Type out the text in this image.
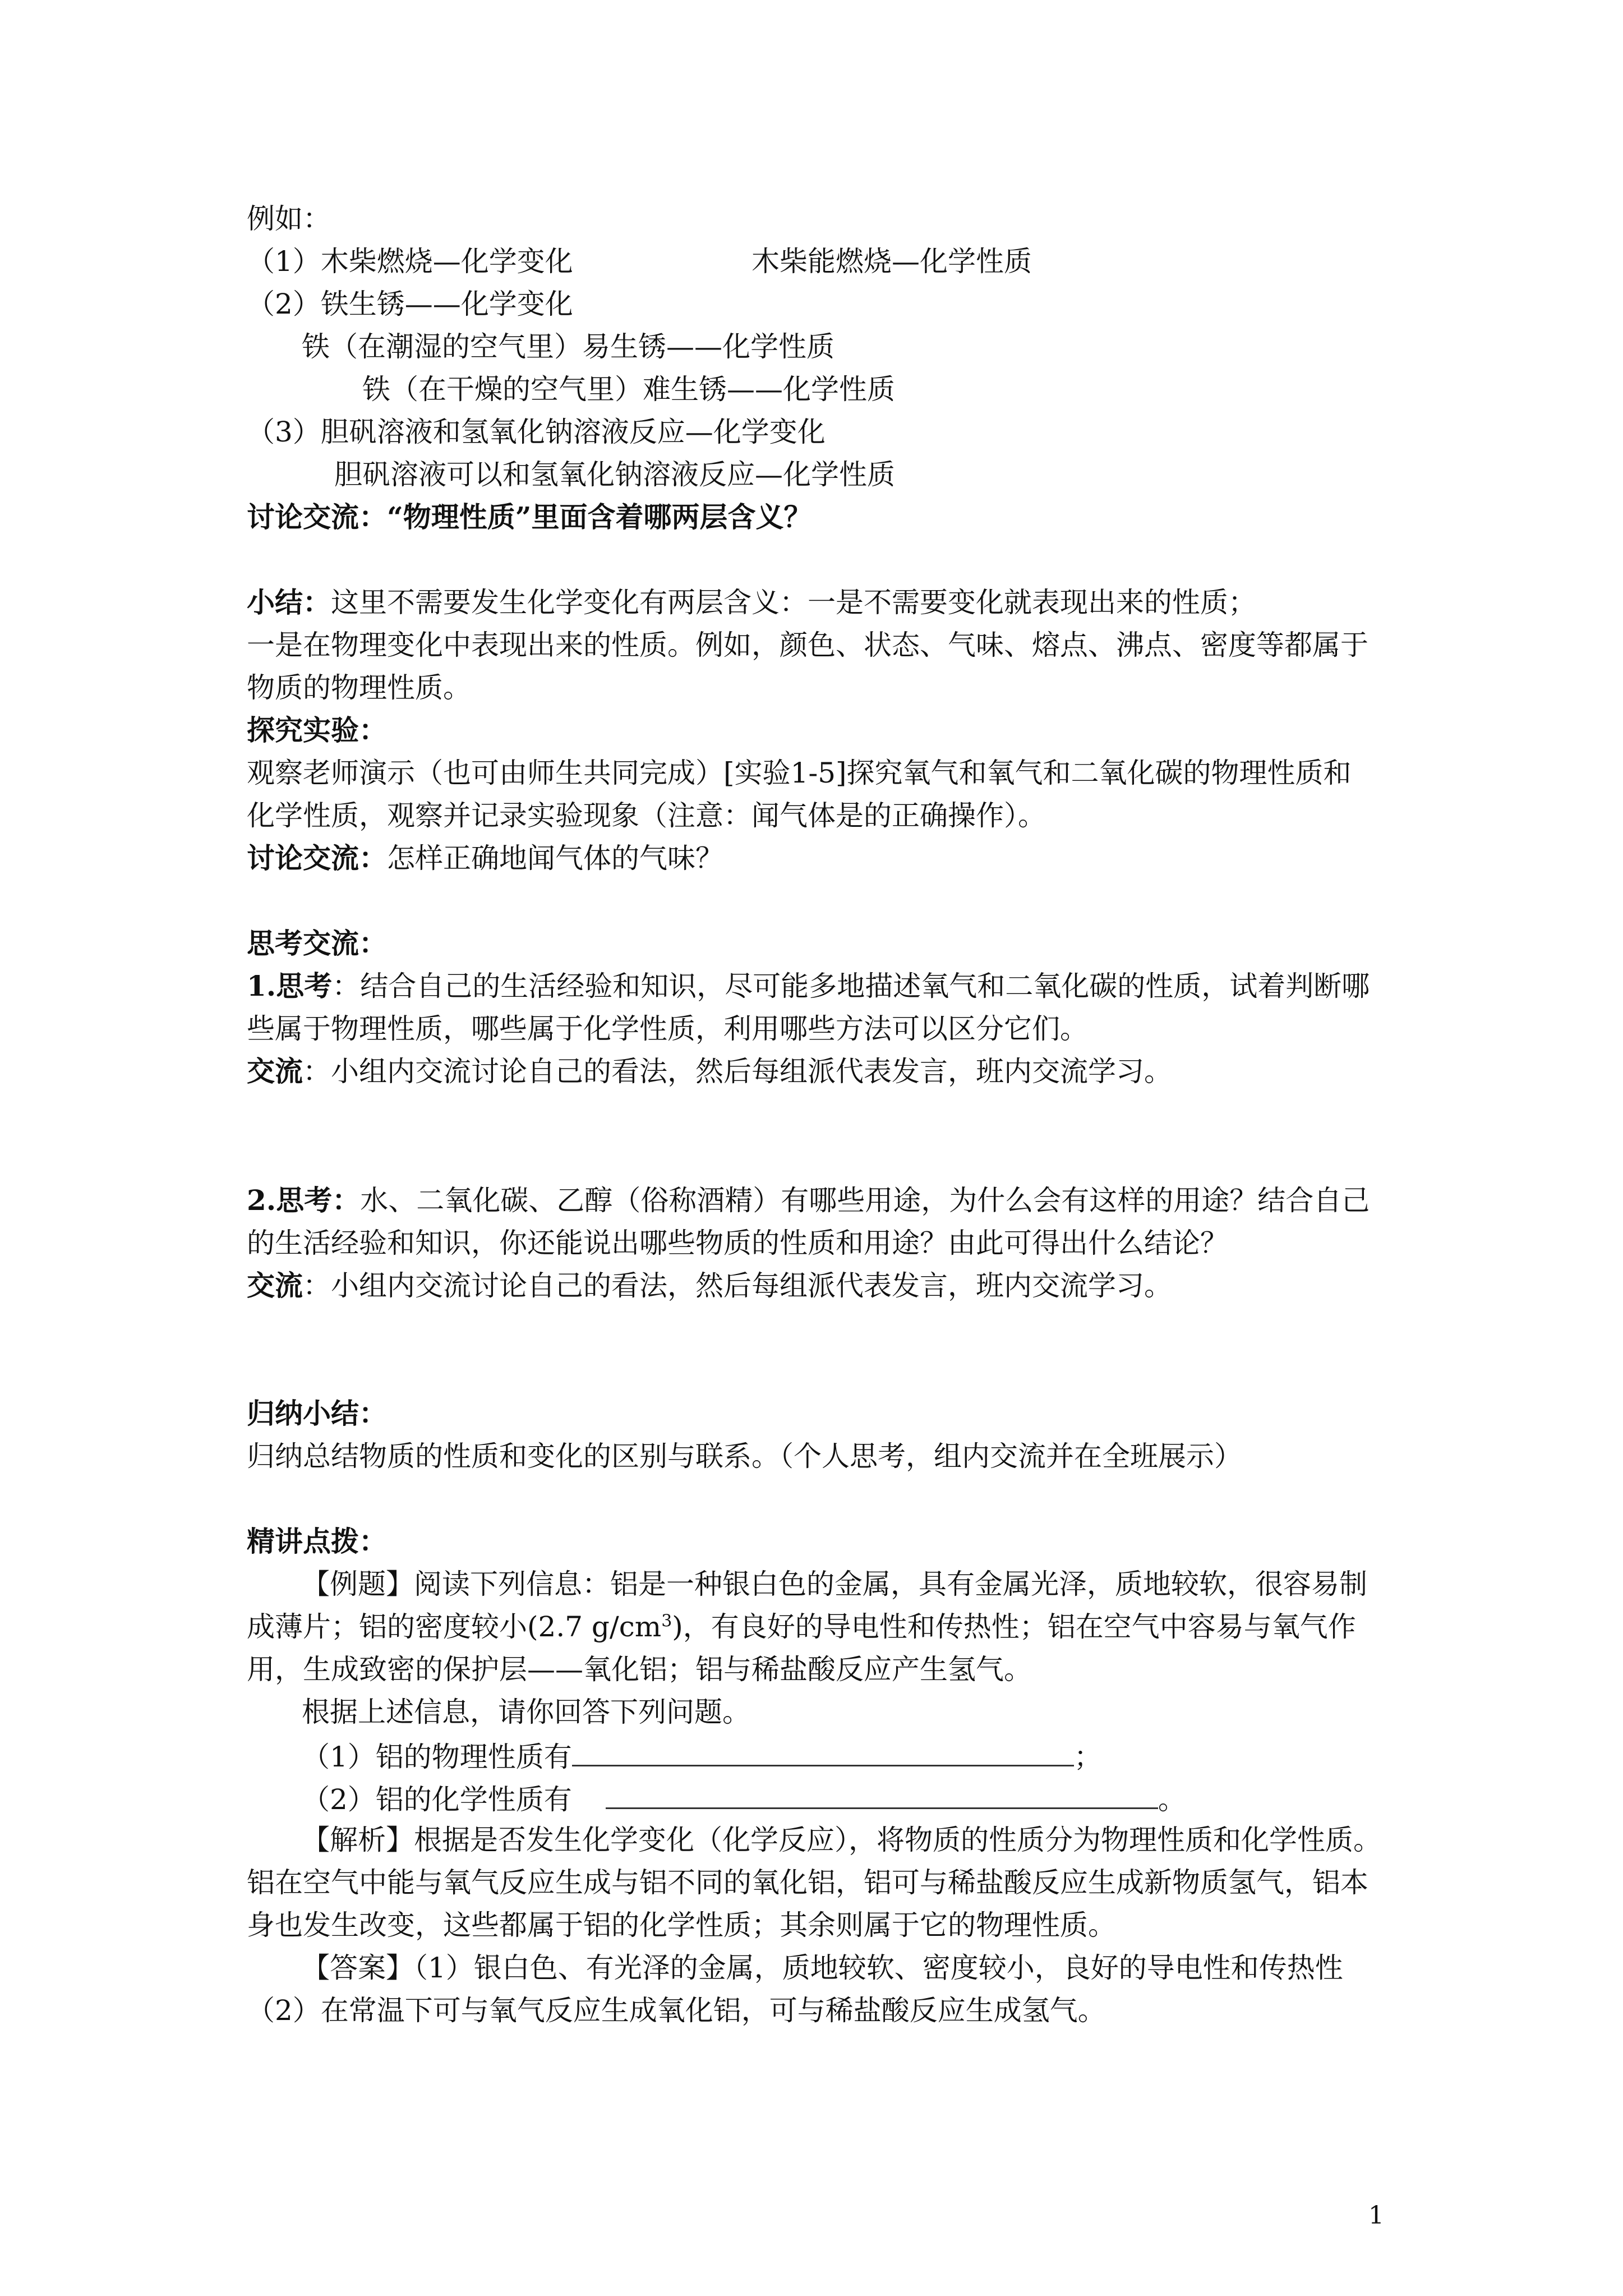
例如：

（1）木柴燃烧—化学变化	木柴能燃烧—化学性质

（2）铁生锈——化学变化

铁（在潮湿的空气里）易生锈——化学性质

铁（在干燥的空气里）难生锈——化学性质

（3）胆矾溶液和氢氧化钠溶液反应—化学变化

胆矾溶液可以和氢氧化钠溶液反应—化学性质

讨论交流：“物理性质”里面含着哪两层含义？

小结：这里不需要发生化学变化有两层含义：一是不需要变化就表现出来的性质；

一是在物理变化中表现出来的性质。例如，颜色、状态、气味、熔点、沸点、密度等都属于

物质的物理性质。

探究实验：

观察老师演示（也可由师生共同完成）[实验1-5]探究氧气和氧气和二氧化碳的物理性质和

化学性质，观察并记录实验现象（注意：闻气体是的正确操作）。

讨论交流：怎样正确地闻气体的气味？

思考交流：

1.思考：结合自己的生活经验和知识，尽可能多地描述氧气和二氧化碳的性质，试着判断哪

些属于物理性质，哪些属于化学性质，利用哪些方法可以区分它们。

交流：小组内交流讨论自己的看法，然后每组派代表发言，班内交流学习。

2.思考：水、二氧化碳、乙醇（俗称酒精）有哪些用途，为什么会有这样的用途？结合自己

的生活经验和知识，你还能说出哪些物质的性质和用途？由此可得出什么结论？

交流：小组内交流讨论自己的看法，然后每组派代表发言，班内交流学习。

归纳小结：

归纳总结物质的性质和变化的区别与联系。（个人思考，组内交流并在全班展示）

精讲点拨：

【例题】阅读下列信息：铝是一种银白色的金属，具有金属光泽，质地较软，很容易制

成薄片；铝的密度较小(2.7 $g/cm^3$)，有良好的导电性和传热性；铝在空气中容易与氧气作

用，生成致密的保护层——氧化铝；铝与稀盐酸反应产生氢气。

根据上述信息，请你回答下列问题。

（1）铝的物理性质有	；

（2）铝的化学性质有	。

【解析】根据是否发生化学变化（化学反应），将物质的性质分为物理性质和化学性质。

铝在空气中能与氧气反应生成与铝不同的氧化铝，铝可与稀盐酸反应生成新物质氢气，铝本

身也发生改变，这些都属于铝的化学性质；其余则属于它的物理性质。

【答案】（1）银白色、有光泽的金属，质地较软、密度较小，良好的导电性和传热性

（2）在常温下可与氧气反应生成氧化铝，可与稀盐酸反应生成氢气。

1
